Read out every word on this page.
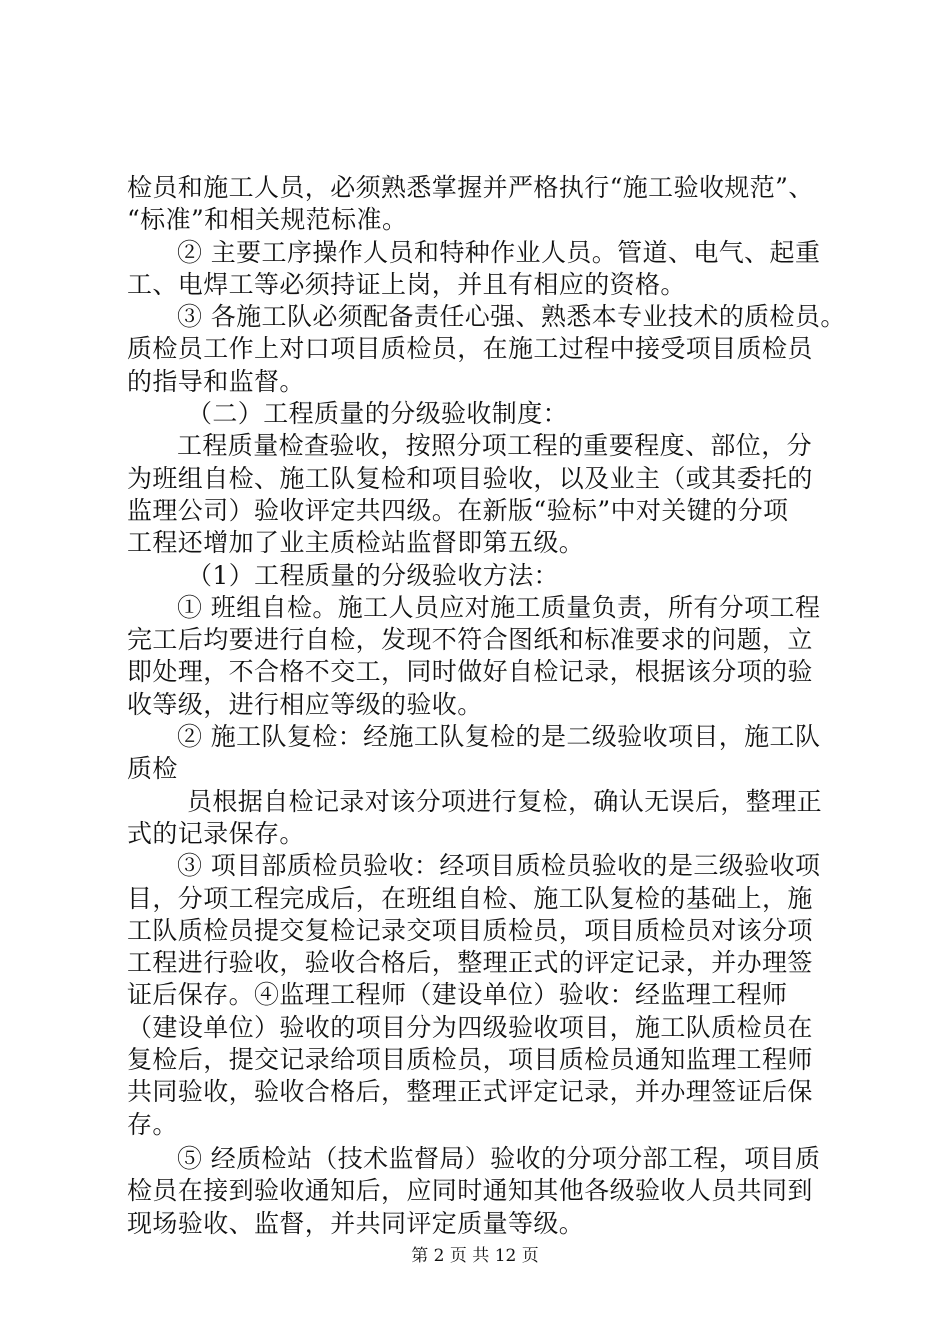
检员和施工人员，必须熟悉掌握并严格执行“施工验收规范”、

“标准”和相关规范标准。

② 主要工序操作人员和特种作业人员。管道、电气、起重

工、电焊工等必须持证上岗，并且有相应的资格。

③ 各施工队必须配备责任心强、熟悉本专业技术的质检员。

质检员工作上对口项目质检员，在施工过程中接受项目质检员

的指导和监督。

（二）工程质量的分级验收制度：

工程质量检查验收，按照分项工程的重要程度、部位，分

为班组自检、施工队复检和项目验收，以及业主（或其委托的

监理公司）验收评定共四级。在新版“验标”中对关键的分项

工程还增加了业主质检站监督即第五级。

（1）工程质量的分级验收方法：

① 班组自检。施工人员应对施工质量负责，所有分项工程

完工后均要进行自检，发现不符合图纸和标准要求的问题，立

即处理，不合格不交工，同时做好自检记录，根据该分项的验

收等级，进行相应等级的验收。

② 施工队复检：经施工队复检的是二级验收项目，施工队

质检

员根据自检记录对该分项进行复检，确认无误后，整理正

式的记录保存。

③ 项目部质检员验收：经项目质检员验收的是三级验收项

目，分项工程完成后，在班组自检、施工队复检的基础上，施

工队质检员提交复检记录交项目质检员，项目质检员对该分项

工程进行验收，验收合格后，整理正式的评定记录，并办理签

证后保存。④监理工程师（建设单位）验收：经监理工程师

（建设单位）验收的项目分为四级验收项目，施工队质检员在

复检后，提交记录给项目质检员，项目质检员通知监理工程师

共同验收，验收合格后，整理正式评定记录，并办理签证后保

存。

⑤ 经质检站（技术监督局）验收的分项分部工程，项目质

检员在接到验收通知后，应同时通知其他各级验收人员共同到

现场验收、监督，并共同评定质量等级。

第 2 页 共 12 页
